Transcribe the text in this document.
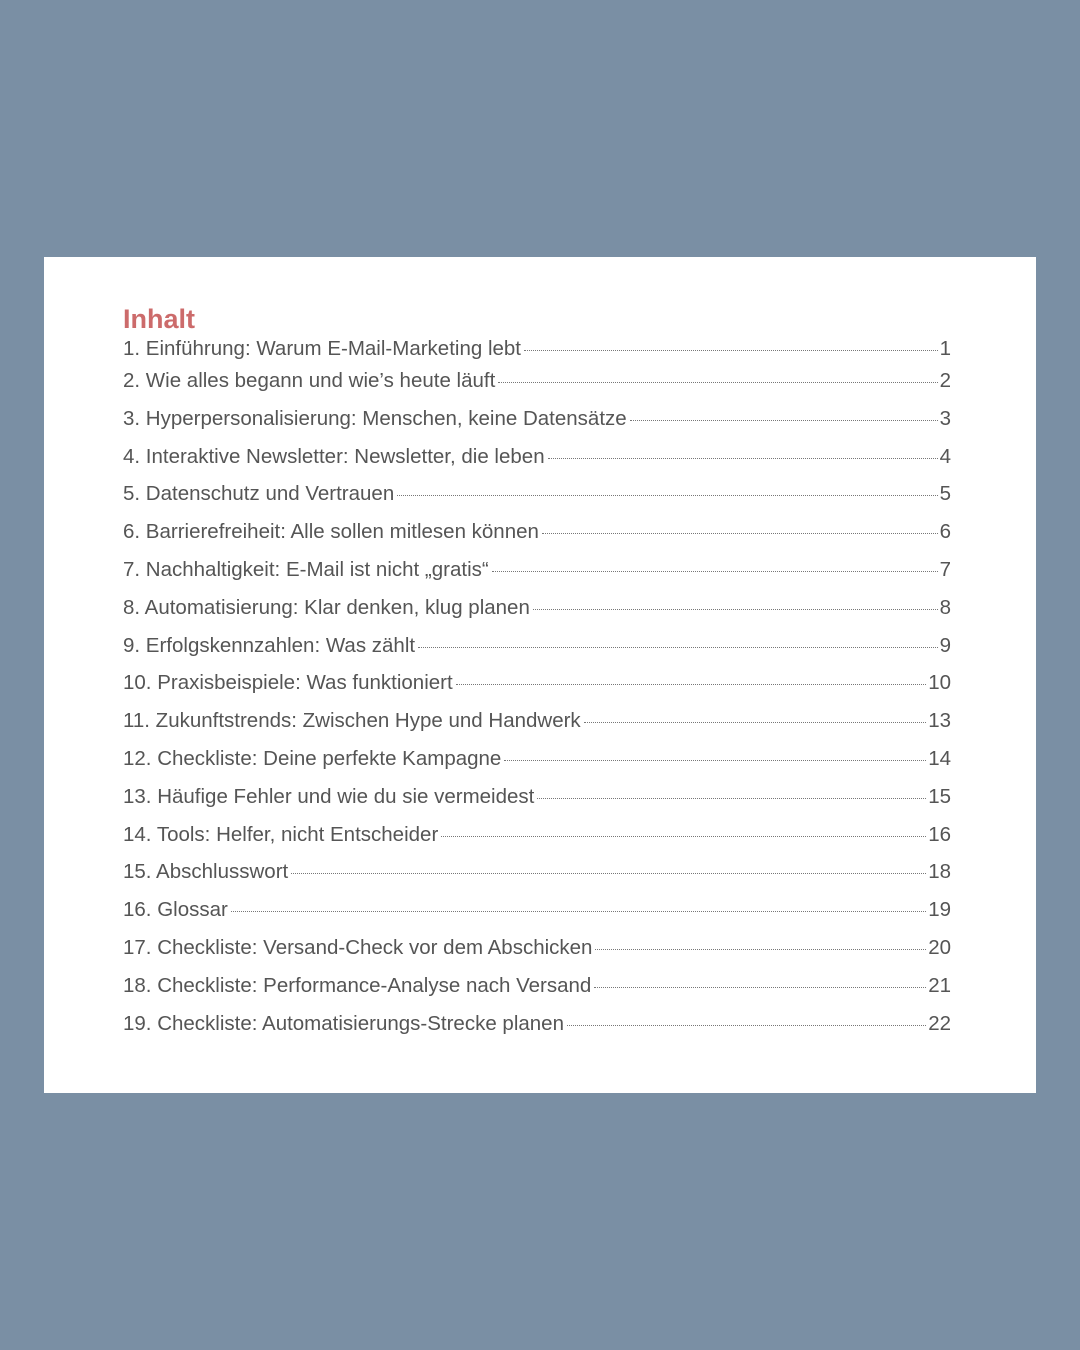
Inhalt
1. Einführung: Warum E-Mail-Marketing lebt	1
2. Wie alles begann und wie’s heute läuft	2
3. Hyperpersonalisierung: Menschen, keine Datensätze	3
4. Interaktive Newsletter: Newsletter, die leben	4
5. Datenschutz und Vertrauen	5
6. Barrierefreiheit: Alle sollen mitlesen können	6
7. Nachhaltigkeit: E-Mail ist nicht „gratis“	7
8. Automatisierung: Klar denken, klug planen	8
9. Erfolgskennzahlen: Was zählt	9
10. Praxisbeispiele: Was funktioniert	10
11. Zukunftstrends: Zwischen Hype und Handwerk	13
12. Checkliste: Deine perfekte Kampagne	14
13. Häufige Fehler und wie du sie vermeidest	15
14. Tools: Helfer, nicht Entscheider	16
15. Abschlusswort	18
16. Glossar	19
17. Checkliste: Versand-Check vor dem Abschicken	20
18. Checkliste: Performance-Analyse nach Versand	21
19. Checkliste: Automatisierungs-Strecke planen	22
